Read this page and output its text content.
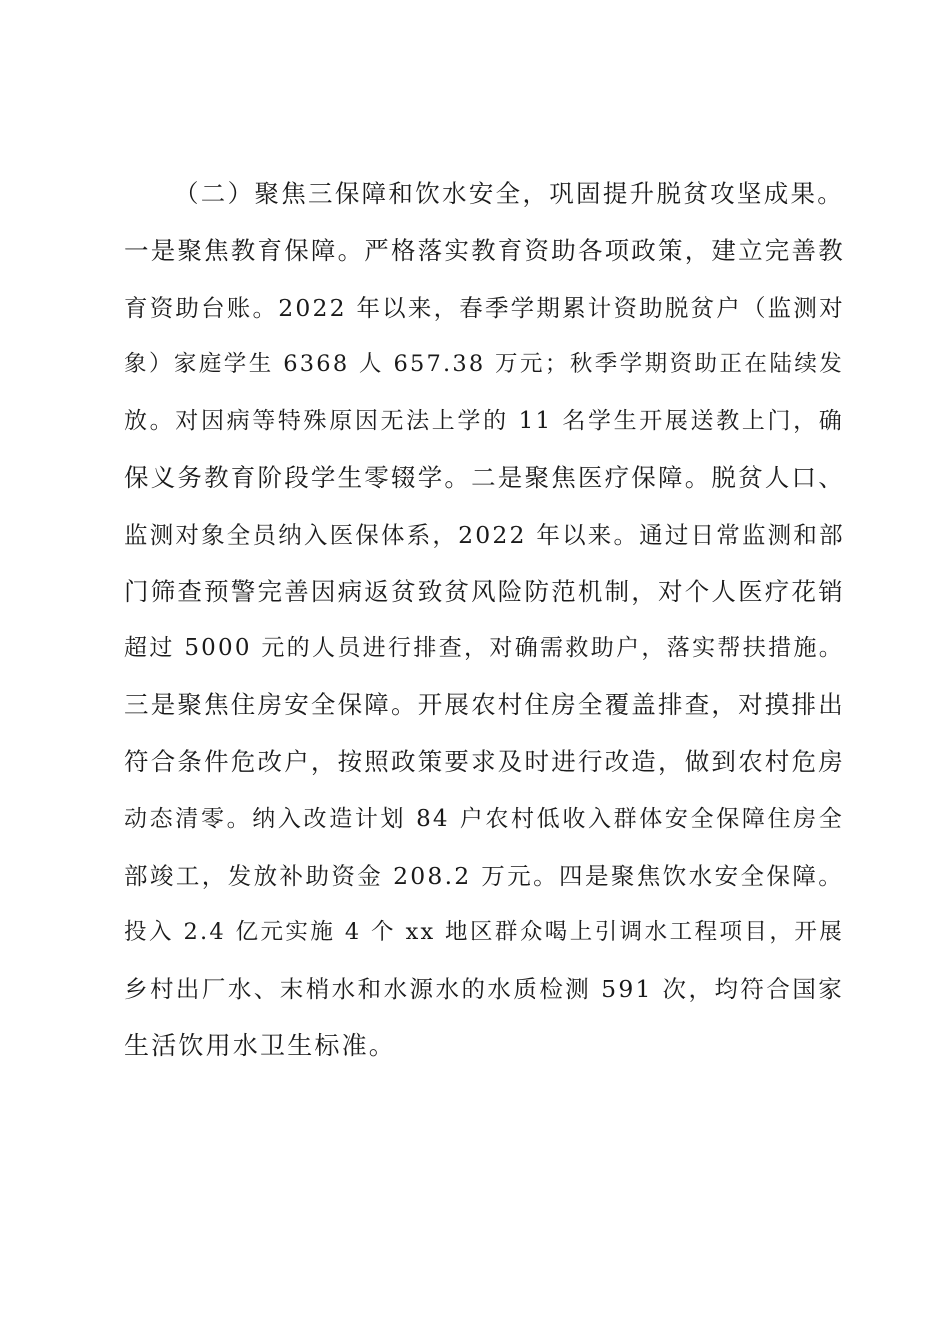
（二）聚焦三保障和饮水安全，巩固提升脱贫攻坚成果。
一是聚焦教育保障。严格落实教育资助各项政策，建立完善教
育资助台账。2022 年以来，春季学期累计资助脱贫户（监测对
象）家庭学生 6368 人 657.38 万元；秋季学期资助正在陆续发
放。对因病等特殊原因无法上学的 11 名学生开展送教上门，确
保义务教育阶段学生零辍学。二是聚焦医疗保障。脱贫人口、
监测对象全员纳入医保体系，2022 年以来。通过日常监测和部
门筛查预警完善因病返贫致贫风险防范机制，对个人医疗花销
超过 5000 元的人员进行排查，对确需救助户，落实帮扶措施。
三是聚焦住房安全保障。开展农村住房全覆盖排查，对摸排出
符合条件危改户，按照政策要求及时进行改造，做到农村危房
动态清零。纳入改造计划 84 户农村低收入群体安全保障住房全
部竣工，发放补助资金 208.2 万元。四是聚焦饮水安全保障。
投入 2.4 亿元实施 4 个 xx 地区群众喝上引调水工程项目，开展
乡村出厂水、末梢水和水源水的水质检测 591 次，均符合国家
生活饮用水卫生标准。
